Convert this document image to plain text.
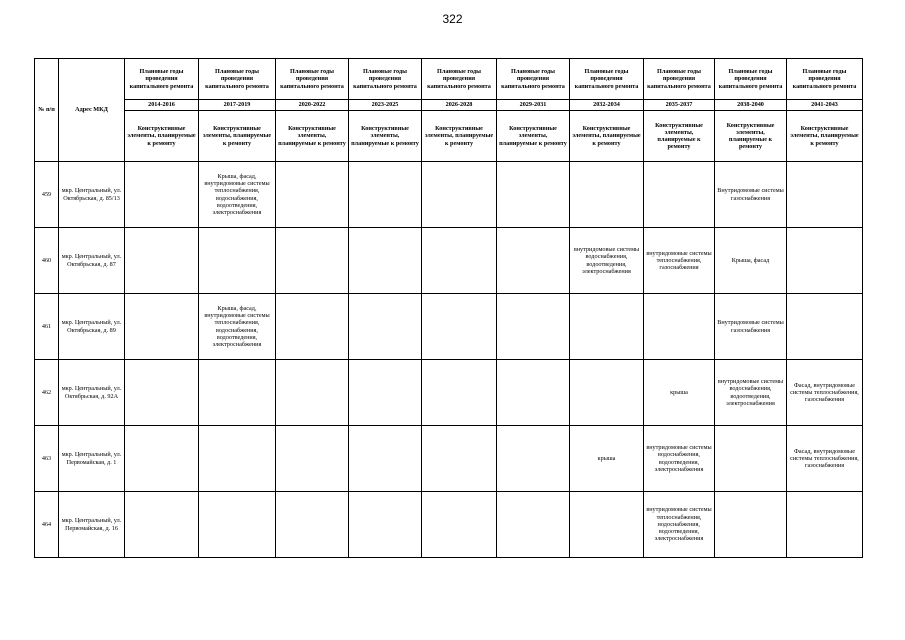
322
№ п/п	Адрес МКД	Плановые годы проведения капитального ремонта	Плановые годы проведения капитального ремонта	Плановые годы проведения капитального ремонта	Плановые годы проведения капитального ремонта	Плановые годы проведения капитального ремонта	Плановые годы проведения капитального ремонта	Плановые годы проведения капитального ремонта	Плановые годы проведения капитального ремонта	Плановые годы проведения капитального ремонта	Плановые годы проведения капитального ремонта
		2014-2016	2017-2019	2020-2022	2023-2025	2026-2028	2029-2031	2032-2034	2035-2037	2038-2040	2041-2043
		Конструктивные элементы, планируемые к ремонту	Конструктивные элементы, планируемые к ремонту	Конструктивные элементы, планируемые к ремонту	Конструктивные элементы, планируемые к ремонту	Конструктивные элементы, планируемые к ремонту	Конструктивные элементы, планируемые к ремонту	Конструктивные элементы, планируемые к ремонту	Конструктивные элементы, планируемые к ремонту	Конструктивные элементы, планируемые к ремонту	Конструктивные элементы, планируемые к ремонту
459	мкр. Центральный, ул. Октябрьская, д. 85/13		Крыша, фасад, внутридомовые системы теплоснабжения, водоснабжения, водоотведения, электроснабжения							Внутридомовые системы газоснабжения	
460	мкр. Центральный, ул. Октябрьская, д. 87							внутридомовые системы водоснабжения, водоотведения, электроснабжения	внутридомовые системы теплоснабжения, газоснабжения	Крыша, фасад	
461	мкр. Центральный, ул. Октябрьская, д. 89		Крыша, фасад, внутридомовые системы теплоснабжения, водоснабжения, водоотведения, электроснабжения							Внутридомовые системы газоснабжения	
462	мкр. Центральный, ул. Октябрьская, д. 92А								крыша	внутридомовые системы водоснабжения, водоотведения, электроснабжения	Фасад, внутридомовые системы теплоснабжения, газоснабжения
463	мкр. Центральный, ул. Первомайская, д. 1							крыша	внутридомовые системы водоснабжения, водоотведения, электроснабжения		Фасад, внутридомовые системы теплоснабжения, газоснабжения
464	мкр. Центральный, ул. Первомайская, д. 16								внутридомовые системы теплоснабжения, водоснабжения, водоотведения, электроснабжения		
